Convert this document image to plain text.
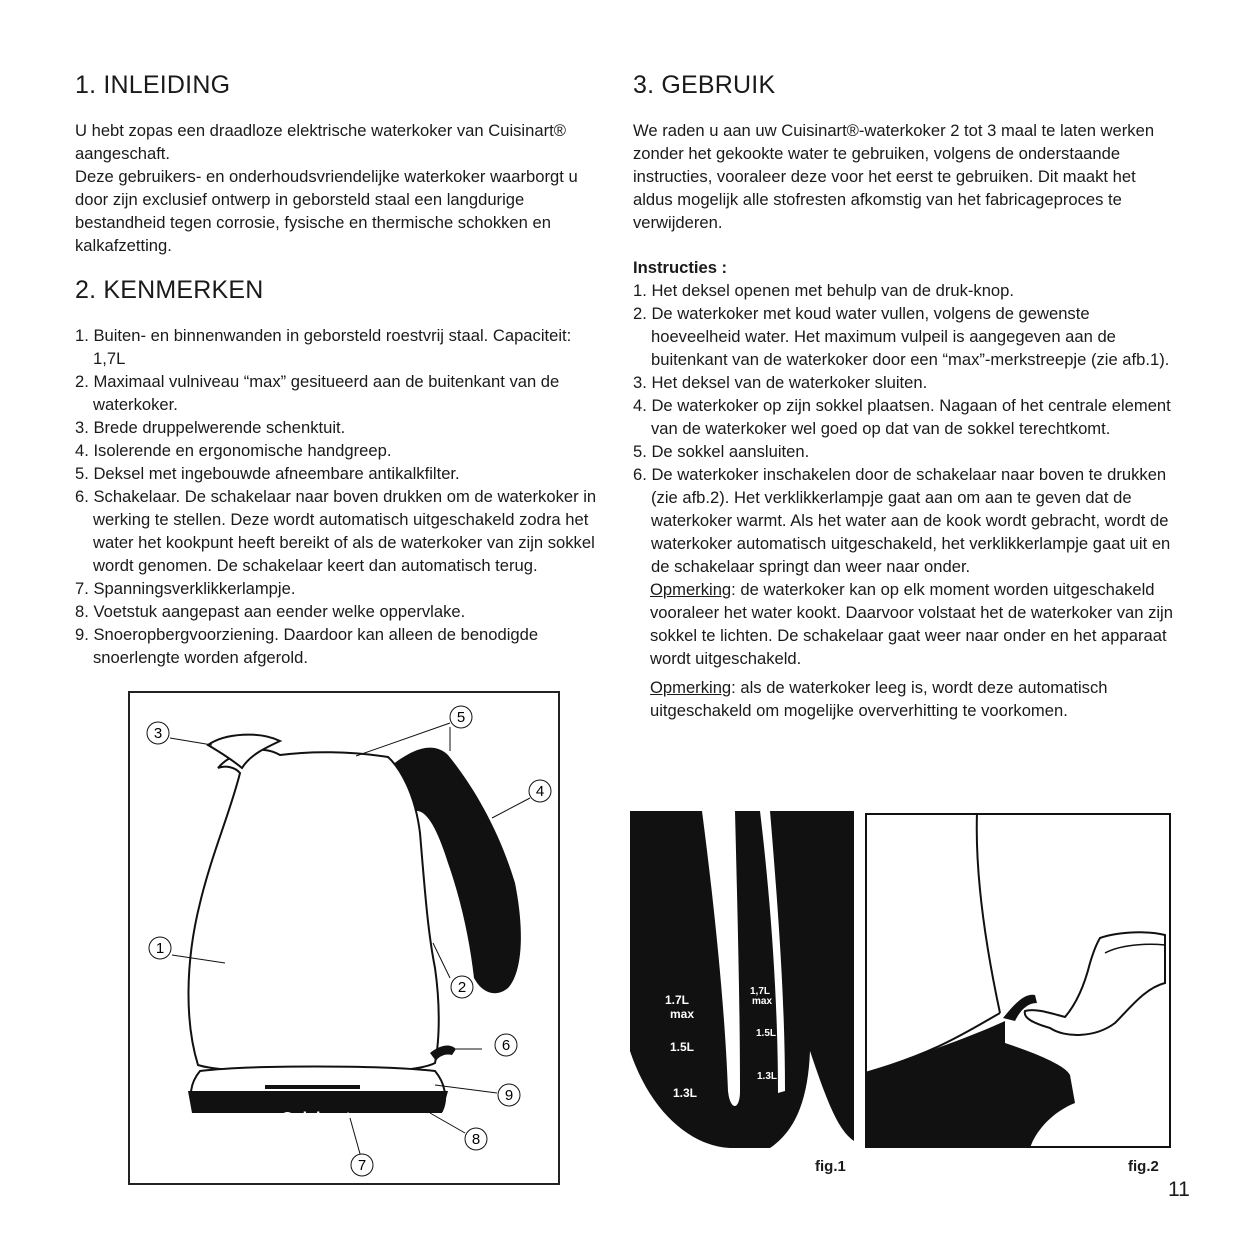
1. INLEIDING

U hebt zopas een draadloze elektrische waterkoker van Cuisinart® aangeschaft.

Deze gebruikers- en onderhoudsvriendelijke waterkoker waarborgt u door zijn exclusief ontwerp in geborsteld staal een langdurige bestandheid tegen corrosie, fysische en thermische schokken en kalkafzetting.

2. KENMERKEN
1. Buiten- en binnenwanden in geborsteld roestvrij staal. Capaciteit: 1,7L
2. Maximaal vulniveau “max” gesitueerd aan de buitenkant van de waterkoker.
3. Brede druppelwerende schenktuit.
4. Isolerende en ergonomische handgreep.
5. Deksel met ingebouwde afneembare antikalkfilter.
6. Schakelaar. De schakelaar naar boven drukken om de waterkoker in werking te stellen. Deze wordt automatisch uitgeschakeld zodra het water het kookpunt heeft bereikt of als de waterkoker van zijn sokkel wordt genomen. De schakelaar keert dan automatisch terug.
7. Spanningsverklikkerlampje.
8. Voetstuk aangepast aan eender welke oppervlake.
9. Snoeropbergvoorziening. Daardoor kan alleen de benodigde snoerlengte worden afgerold.
3. GEBRUIK

We raden u aan uw Cuisinart®-waterkoker 2 tot 3 maal te laten werken zonder het gekookte water te gebruiken, volgens de onderstaande instructies, vooraleer deze voor het eerst te gebruiken. Dit maakt het aldus mogelijk alle stofresten afkomstig van het fabricageproces te verwijderen.

Instructies :

1. Het deksel openen met behulp van de druk-knop.
2. De waterkoker met koud water vullen, volgens de gewenste hoeveelheid water. Het maximum vulpeil is aangegeven aan de buitenkant van de waterkoker door een “max”-merkstreepje (zie afb.1).
3. Het deksel van de waterkoker sluiten.
4. De waterkoker op zijn sokkel plaatsen. Nagaan of het centrale element van de waterkoker wel goed op dat van de sokkel terechtkomt.
5. De sokkel aansluiten.
6. De waterkoker inschakelen door de schakelaar naar boven te drukken (zie afb.2). Het verklikkerlampje gaat aan om aan te geven dat de waterkoker warmt. Als het water aan de kook wordt gebracht, wordt de waterkoker automatisch uitgeschakeld, het verklikkerlampje gaat uit en de schakelaar springt dan weer naar onder.

Opmerking: de waterkoker kan op elk moment worden uitgeschakeld vooraleer het water kookt. Daarvoor volstaat het de waterkoker van zijn sokkel te lichten. De schakelaar gaat weer naar onder en het apparaat wordt uitgeschakeld.

Opmerking: als de waterkoker leeg is, wordt deze automatisch uitgeschakeld om mogelijke oververhitting te voorkomen.

Cuisinart
3
5
4
1
2
6
9
8
7
1.7L
max
1.5L
1.3L
1,7L
max
1.5L
1.3L
fig.1	fig.2
11
